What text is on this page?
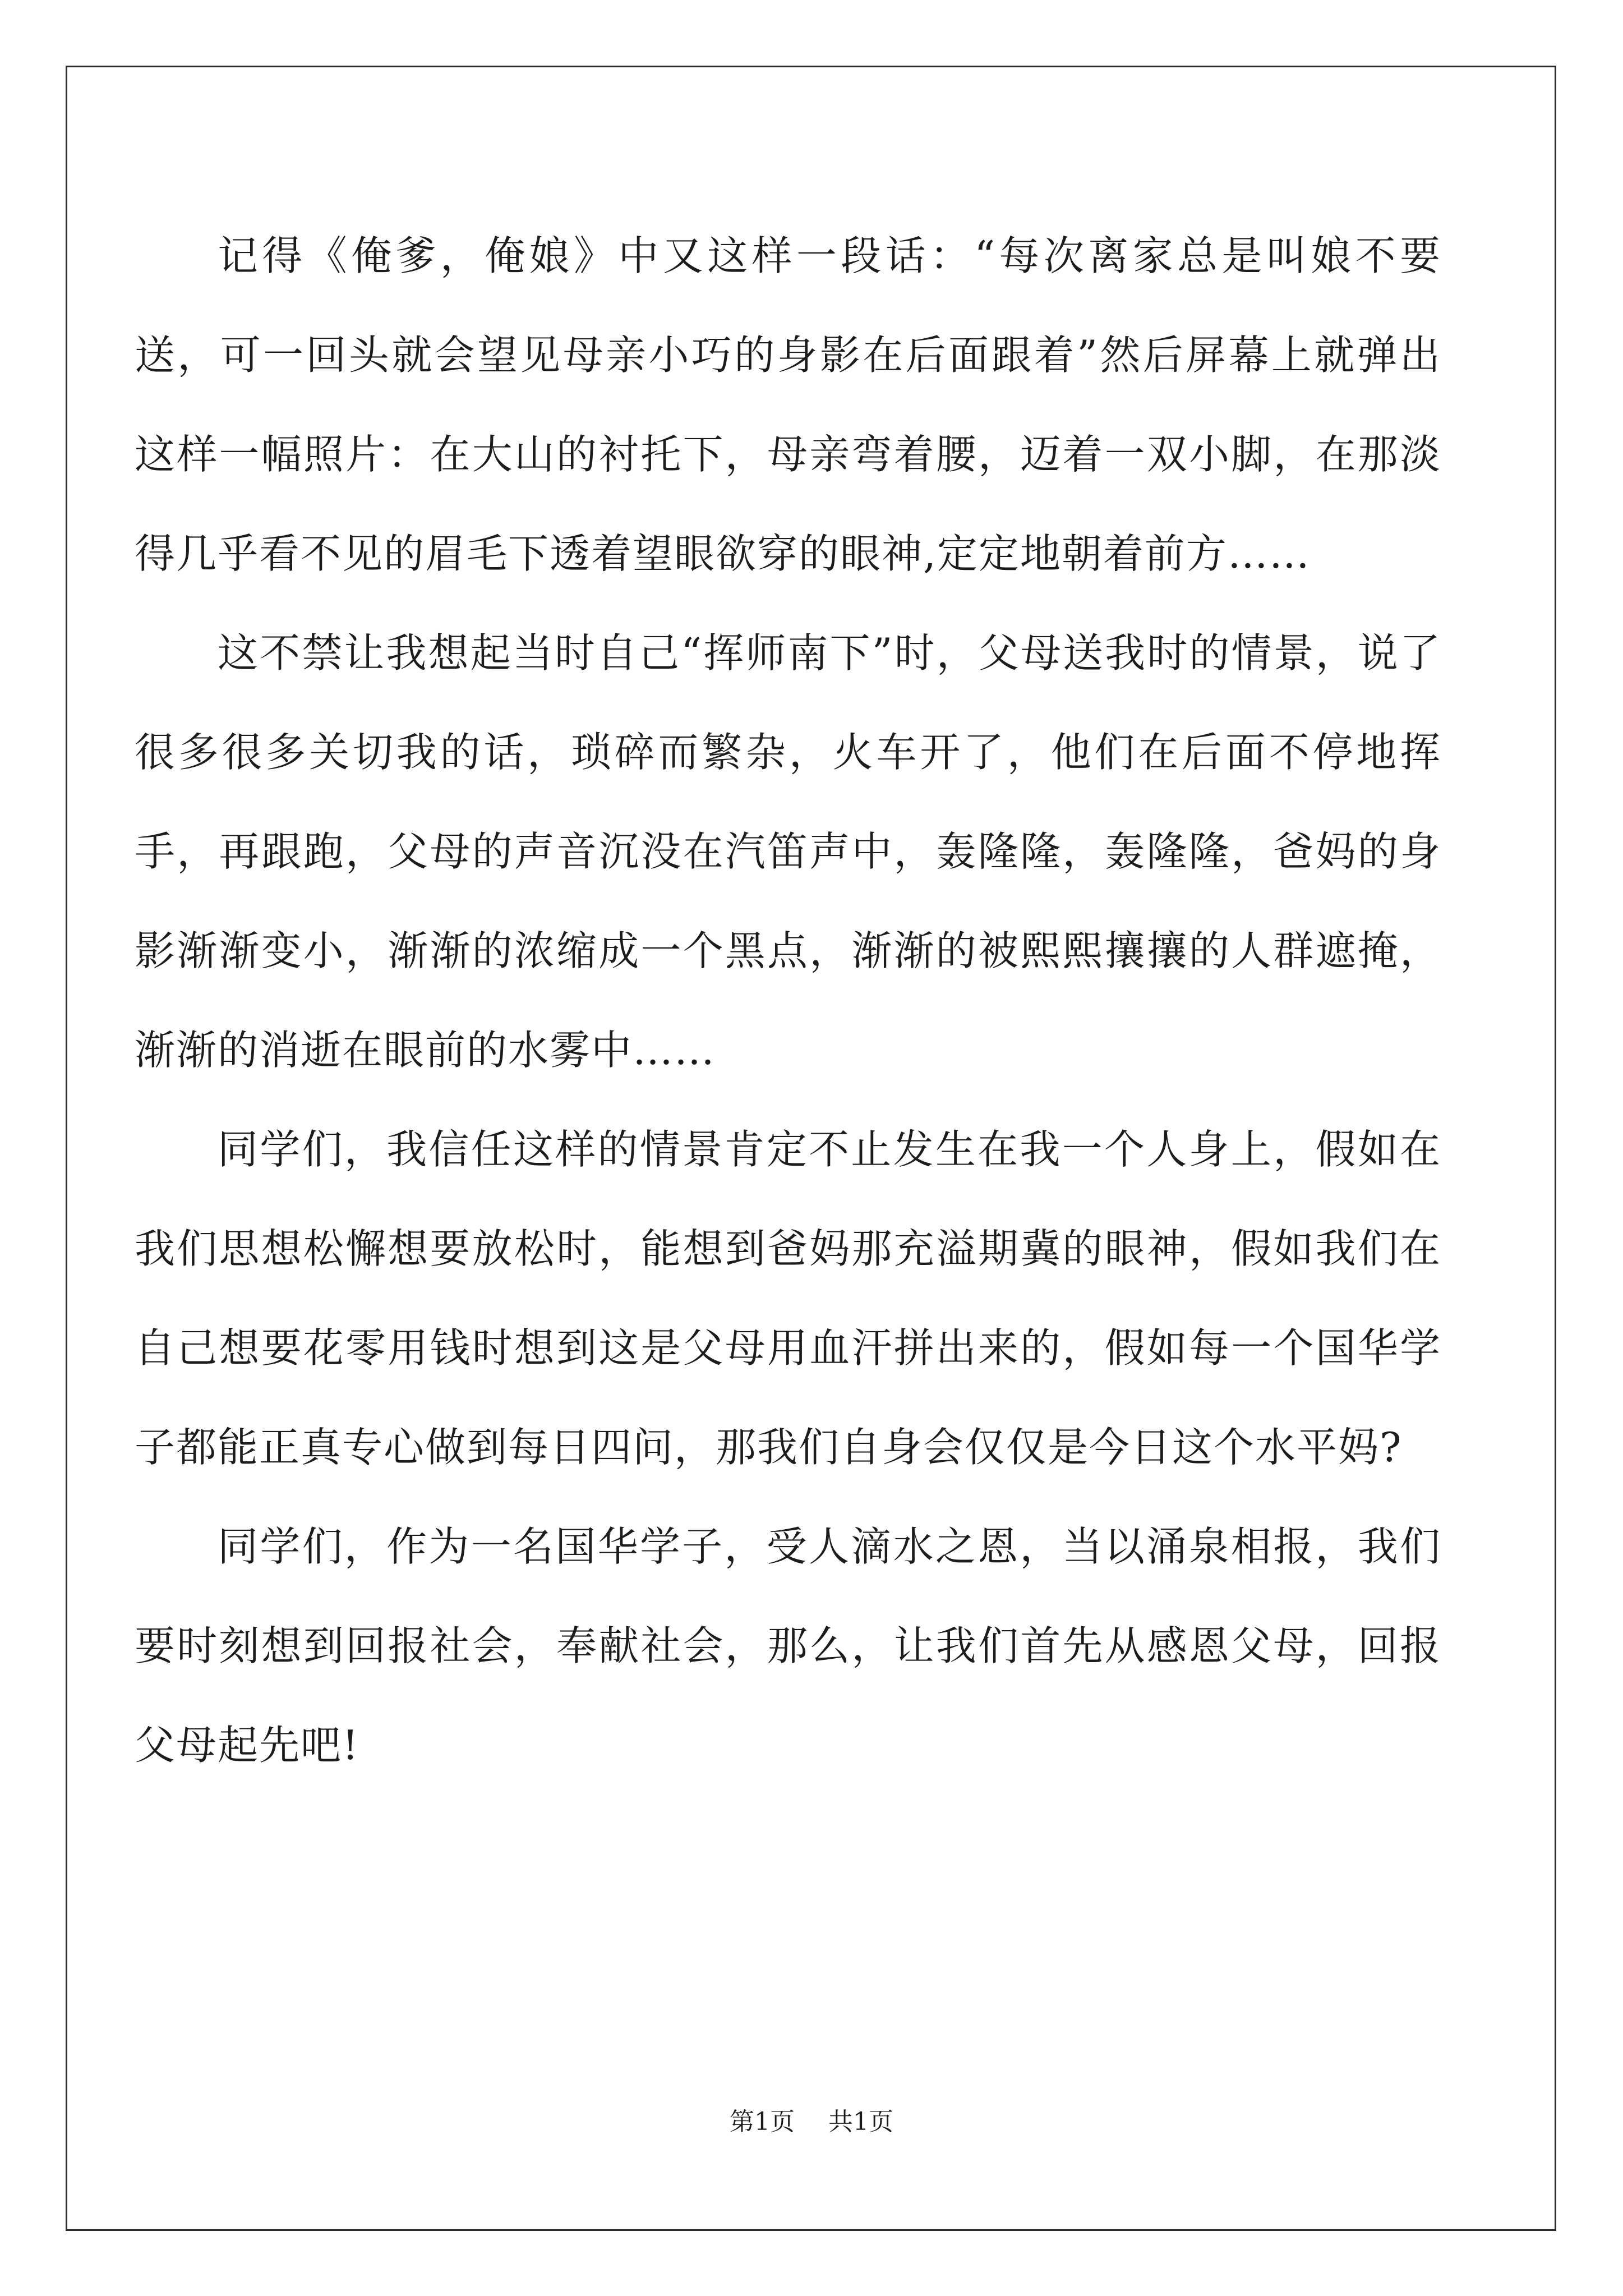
记得《俺爹，俺娘》中又这样一段话：“每次离家总是叫娘不要送，可一回头就会望见母亲小巧的身影在后面跟着”然后屏幕上就弹出这样一幅照片：在大山的衬托下，母亲弯着腰，迈着一双小脚，在那淡得几乎看不见的眉毛下透着望眼欲穿的眼神,定定地朝着前方……

这不禁让我想起当时自己“挥师南下”时，父母送我时的情景，说了很多很多关切我的话，琐碎而繁杂，火车开了，他们在后面不停地挥手，再跟跑，父母的声音沉没在汽笛声中，轰隆隆，轰隆隆，爸妈的身影渐渐变小，渐渐的浓缩成一个黑点，渐渐的被熙熙攘攘的人群遮掩，渐渐的消逝在眼前的水雾中……

同学们，我信任这样的情景肯定不止发生在我一个人身上，假如在我们思想松懈想要放松时，能想到爸妈那充溢期冀的眼神，假如我们在自己想要花零用钱时想到这是父母用血汗拼出来的，假如每一个国华学子都能正真专心做到每日四问，那我们自身会仅仅是今日这个水平妈?

同学们，作为一名国华学子，受人滴水之恩，当以涌泉相报，我们要时刻想到回报社会，奉献社会，那么，让我们首先从感恩父母，回报父母起先吧!

第1页 共1页
